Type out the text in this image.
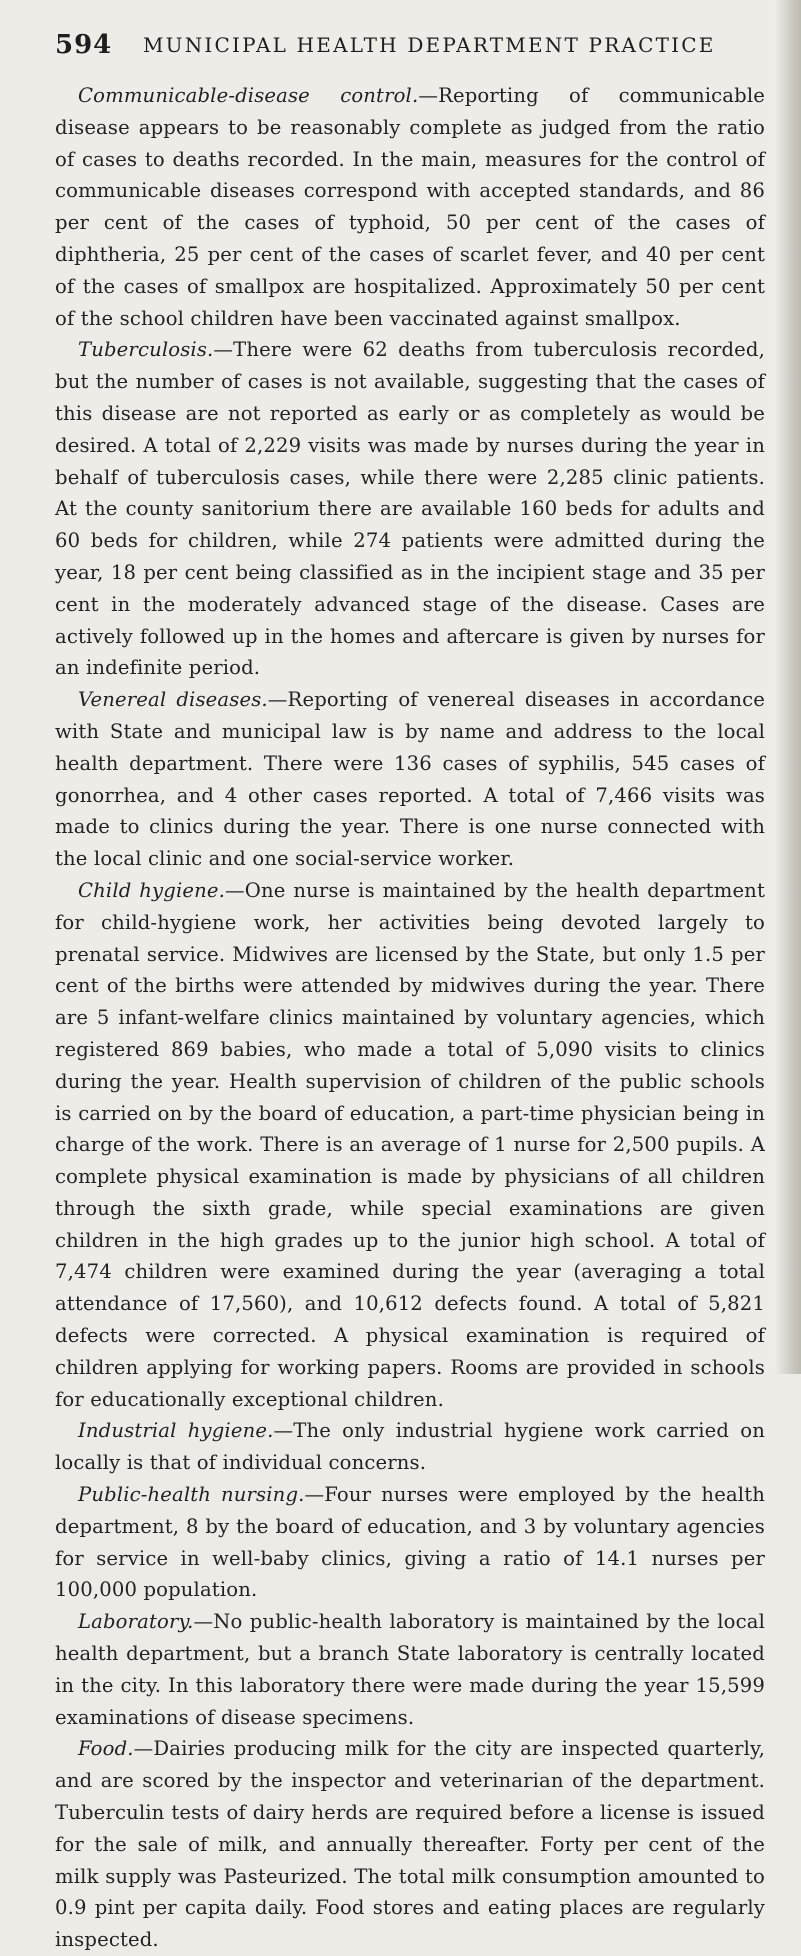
594 MUNICIPAL HEALTH DEPARTMENT PRACTICE

Communicable-disease control.—Reporting of communicable disease appears to be reasonably complete as judged from the ratio of cases to deaths recorded. In the main, measures for the control of communicable diseases correspond with accepted standards, and 86 per cent of the cases of typhoid, 50 per cent of the cases of diphtheria, 25 per cent of the cases of scarlet fever, and 40 per cent of the cases of smallpox are hospitalized. Approximately 50 per cent of the school children have been vaccinated against smallpox.

Tuberculosis.—There were 62 deaths from tuberculosis recorded, but the number of cases is not available, suggesting that the cases of this disease are not reported as early or as completely as would be desired. A total of 2,229 visits was made by nurses during the year in behalf of tuberculosis cases, while there were 2,285 clinic patients. At the county sanitorium there are available 160 beds for adults and 60 beds for children, while 274 patients were admitted during the year, 18 per cent being classified as in the incipient stage and 35 per cent in the moderately advanced stage of the disease. Cases are actively followed up in the homes and aftercare is given by nurses for an indefinite period.

Venereal diseases.—Reporting of venereal diseases in accordance with State and municipal law is by name and address to the local health department. There were 136 cases of syphilis, 545 cases of gonorrhea, and 4 other cases reported. A total of 7,466 visits was made to clinics during the year. There is one nurse connected with the local clinic and one social-service worker.

Child hygiene.—One nurse is maintained by the health department for child-hygiene work, her activities being devoted largely to prenatal service. Midwives are licensed by the State, but only 1.5 per cent of the births were attended by midwives during the year. There are 5 infant-welfare clinics maintained by voluntary agencies, which registered 869 babies, who made a total of 5,090 visits to clinics during the year. Health supervision of children of the public schools is carried on by the board of education, a part-time physician being in charge of the work. There is an average of 1 nurse for 2,500 pupils. A complete physical examination is made by physicians of all children through the sixth grade, while special examinations are given children in the high grades up to the junior high school. A total of 7,474 children were examined during the year (averaging a total attendance of 17,560), and 10,612 defects found. A total of 5,821 defects were corrected. A physical examination is required of children applying for working papers. Rooms are provided in schools for educationally exceptional children.

Industrial hygiene.—The only industrial hygiene work carried on locally is that of individual concerns.

Public-health nursing.—Four nurses were employed by the health department, 8 by the board of education, and 3 by voluntary agencies for service in well-baby clinics, giving a ratio of 14.1 nurses per 100,000 population.

Laboratory.—No public-health laboratory is maintained by the local health department, but a branch State laboratory is centrally located in the city. In this laboratory there were made during the year 15,599 examinations of disease specimens.

Food.—Dairies producing milk for the city are inspected quarterly, and are scored by the inspector and veterinarian of the department. Tuberculin tests of dairy herds are required before a license is issued for the sale of milk, and annually thereafter. Forty per cent of the milk supply was Pasteurized. The total milk consumption amounted to 0.9 pint per capita daily. Food stores and eating places are regularly inspected.
